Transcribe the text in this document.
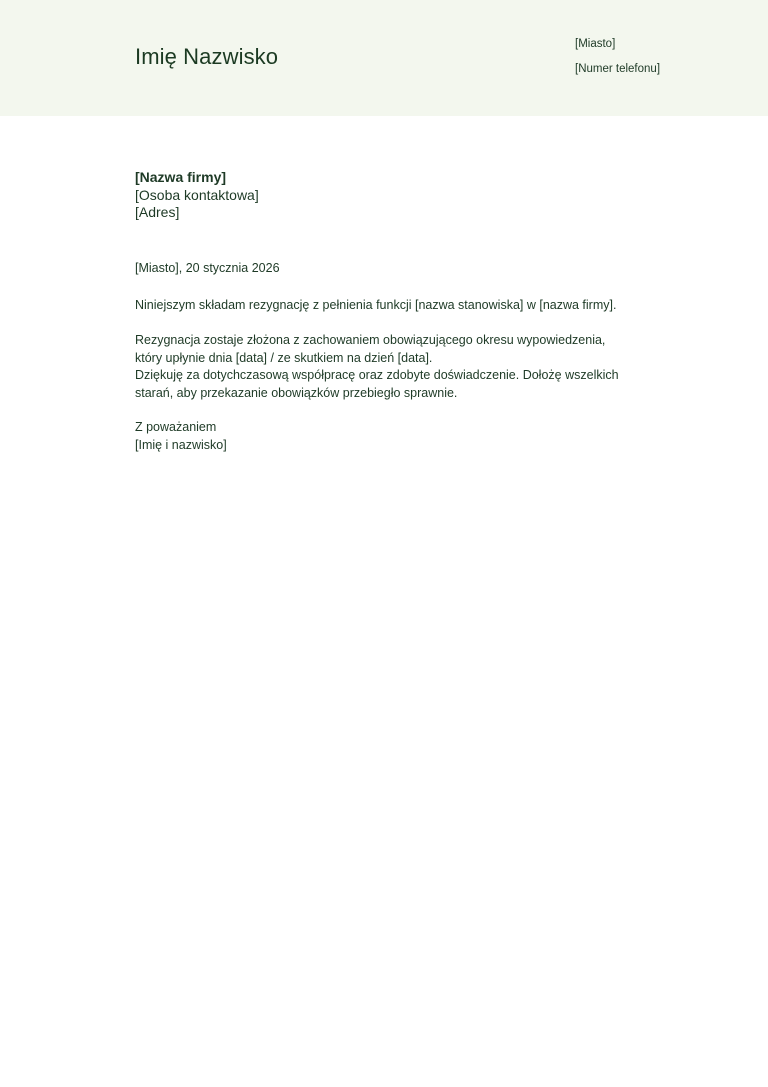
Imię Nazwisko	[Miasto]
[Numer telefonu]
[Nazwa firmy]
[Osoba kontaktowa]
[Adres]
[Miasto], 20 stycznia 2026
Niniejszym składam rezygnację z pełnienia funkcji [nazwa stanowiska] w [nazwa firmy].
Rezygnacja zostaje złożona z zachowaniem obowiązującego okresu wypowiedzenia,
który upłynie dnia [data] / ze skutkiem na dzień [data].
Dziękuję za dotychczasową współpracę oraz zdobyte doświadczenie. Dołożę wszelkich
starań, aby przekazanie obowiązków przebiegło sprawnie.
Z poważaniem
[Imię i nazwisko]
